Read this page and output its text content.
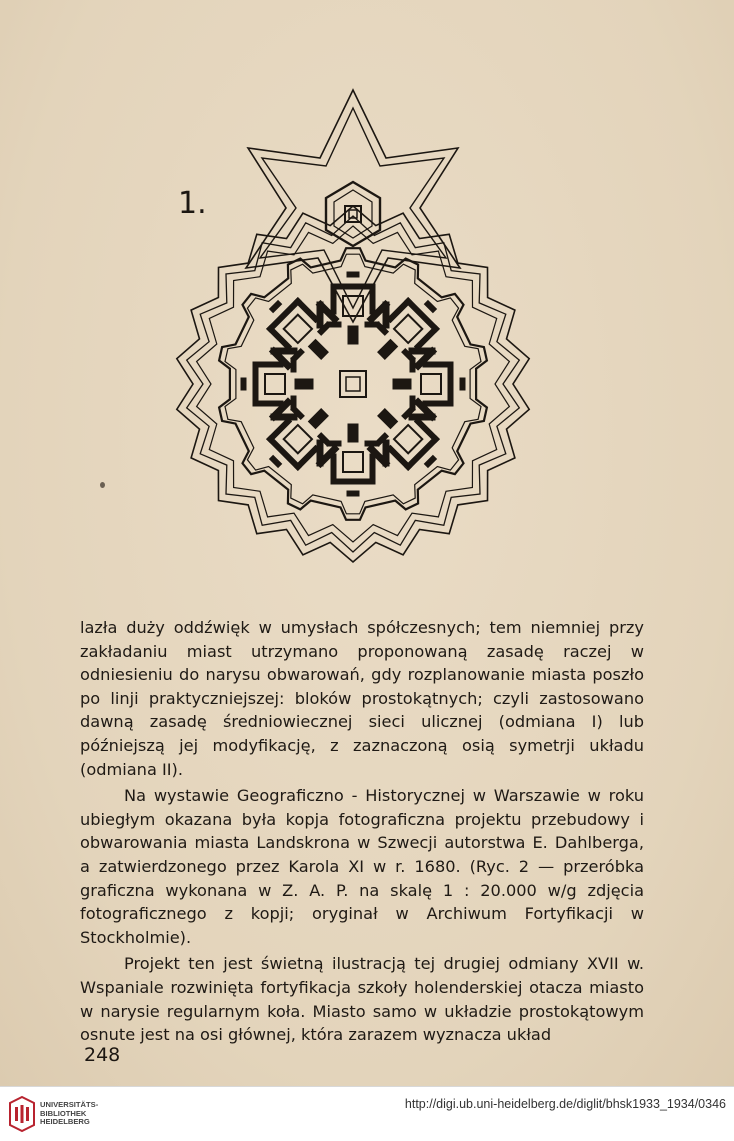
1.

lazła duży oddźwięk w umysłach spółczesnych; tem niemniej przy zakładaniu miast utrzymano proponowaną zasadę raczej w odniesieniu do narysu obwarowań, gdy rozplanowanie miasta poszło po linji praktyczniejszej: bloków prostokątnych; czyli zastosowano dawną zasadę średniowiecznej sieci ulicznej (odmiana I) lub późniejszą jej modyfikację, z zaznaczoną osią symetrji układu (odmiana II).

Na wystawie Geograficzno - Historycznej w Warszawie w roku ubiegłym okazana była kopja fotograficzna projektu przebudowy i obwarowania miasta Landskrona w Szwecji autorstwa E. Dahlberga, a zatwierdzonego przez Karola XI w r. 1680. (Ryc. 2 — przeróbka graficzna wykonana w Z. A. P. na skalę 1 : 20.000 w/g zdjęcia fotograficznego z kopji; oryginał w Archiwum Fortyfikacji w Stockholmie).

Projekt ten jest świetną ilustracją tej drugiej odmiany XVII w. Wspaniale rozwinięta fortyfikacja szkoły holenderskiej otacza miasto w narysie regularnym koła. Miasto samo w układzie prostokątowym osnute jest na osi głównej, która zarazem wyznacza układ

248
UNIVERSITÄTS-
BIBLIOTHEK
HEIDELBERG
http://digi.ub.uni-heidelberg.de/diglit/bhsk1933_1934/0346
